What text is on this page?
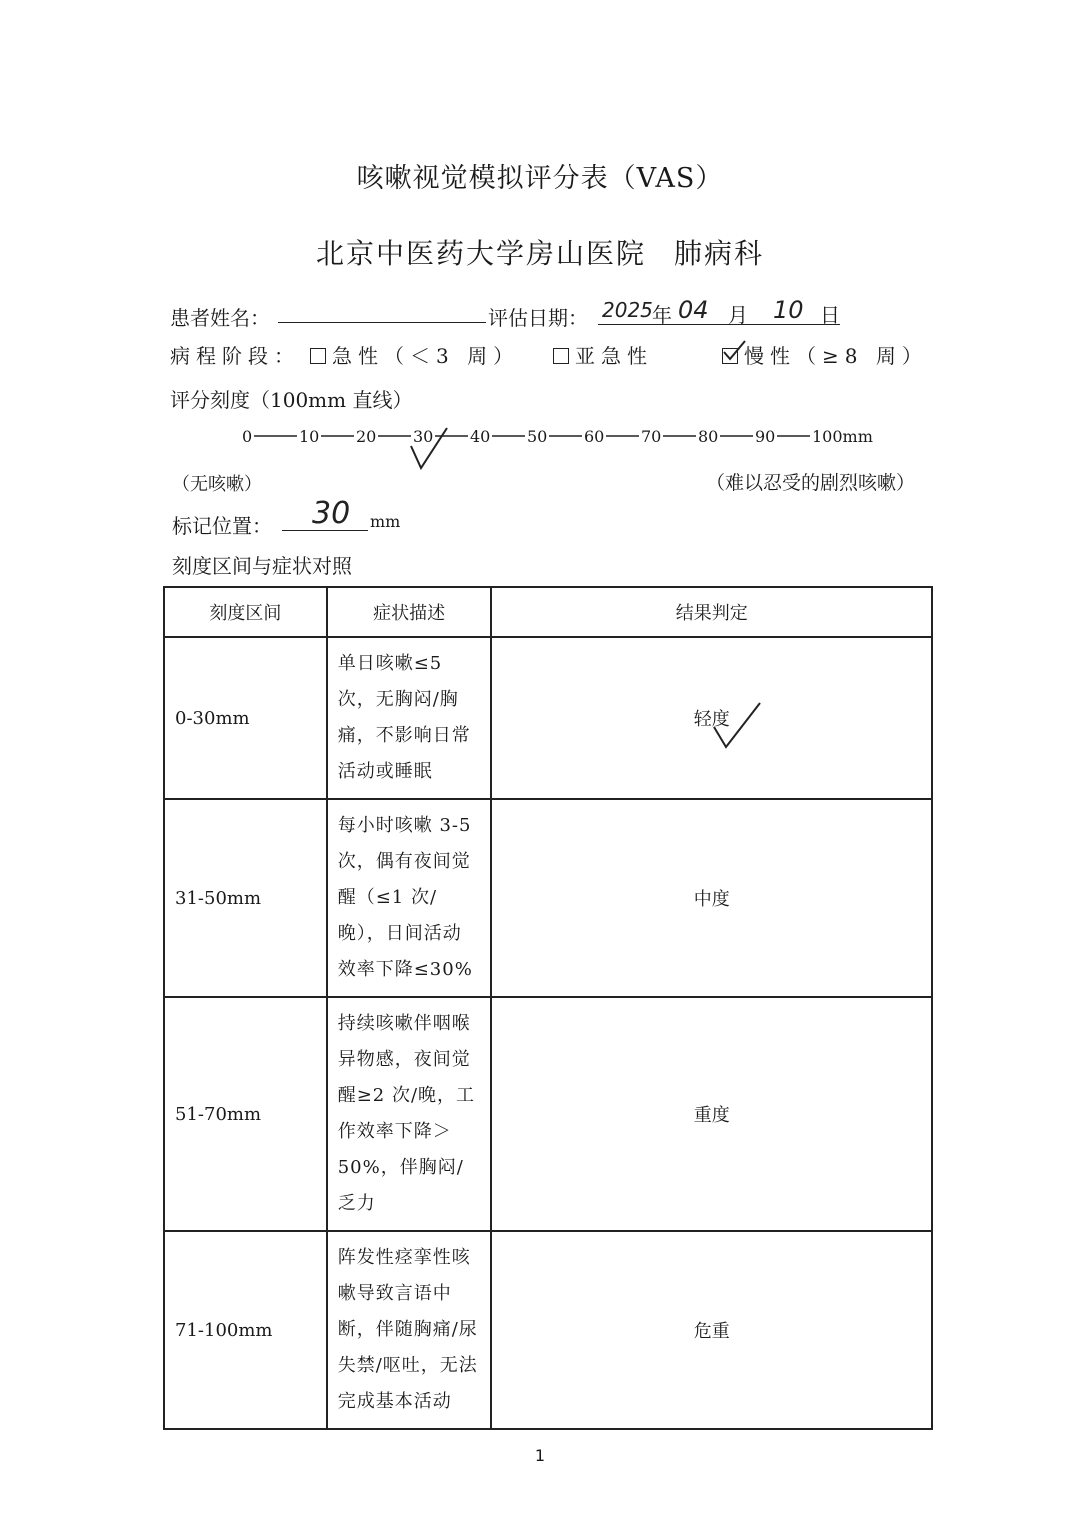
咳嗽视觉模拟评分表（VAS）
北京中医药大学房山医院 肺病科
患者姓名：	评估日期： 2025 年 04 月 10 日
病程阶段：	急性（＜3 周）	亚急性	慢性（≥8 周）
评分刻度（100mm 直线）
0	10 20 30 40 50 60 70 80 90 100mm
（无咳嗽）	（难以忍受的剧烈咳嗽）
标记位置： 30 mm
刻度区间与症状对照
刻度区间	症状描述	结果判定
0-30mm	单日咳嗽≤5 次，无胸闷/胸痛，不影响日常活动或睡眠	轻度

31-50mm	每小时咳嗽 3-5 次，偶有夜间觉醒（≤1 次/晚），日间活动效率下降≤30%	中度
51-70mm	持续咳嗽伴咽喉异物感，夜间觉醒≥2 次/晚，工作效率下降＞50%，伴胸闷/乏力	重度
71-100mm	阵发性痉挛性咳嗽导致言语中断，伴随胸痛/尿失禁/呕吐，无法完成基本活动	危重
1
